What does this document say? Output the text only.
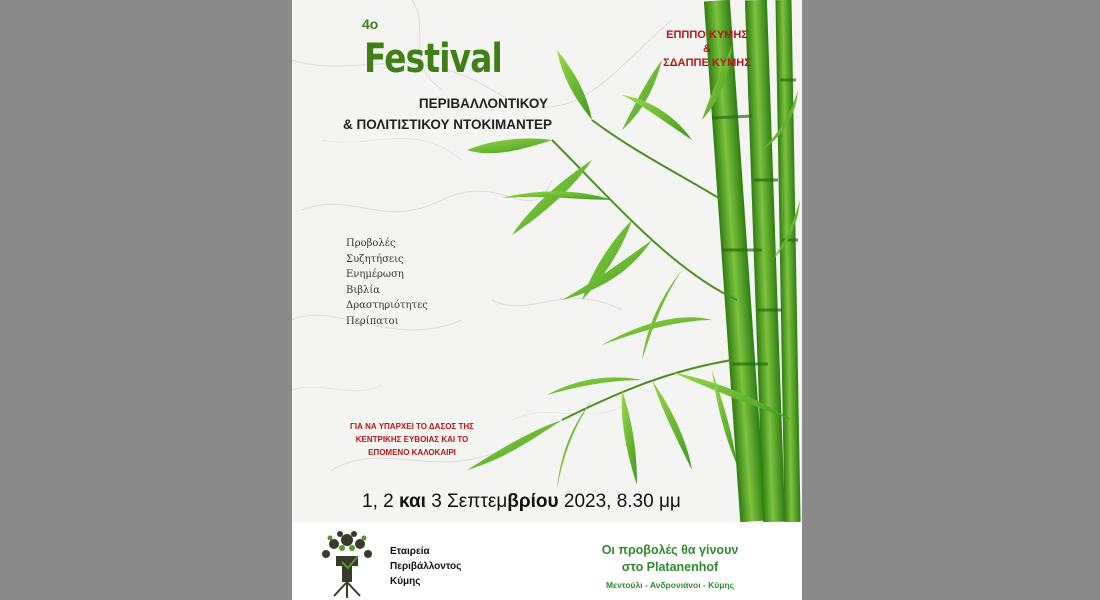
4ο
Festival
ΠΕΡΙΒΑΛΛΟΝΤΙΚΟΥ
& ΠΟΛΙΤΙΣΤΙΚΟΥ ΝΤΟΚΙΜΑΝΤΕΡ
ΕΠΠΠΟ ΚΥΜΗΣ
&
ΣΔΑΠΠΕ ΚΥΜΗΣ
Προβολές
Συζητήσεις
Ενημέρωση
Βιβλία
Δραστηριότητες
Περίπατοι
ΓΙΑ ΝΑ ΥΠΑΡΧΕΙ ΤΟ ΔΑΣΟΣ ΤΗΣ
ΚΕΝΤΡΙΚΗΣ ΕΥΒΟΙΑΣ ΚΑΙ ΤΟ
ΕΠΟΜΕΝΟ ΚΑΛΟΚΑΙΡΙ
1, 2 και 3 Σεπτεμβρίου 2023, 8.30 μμ
Εταιρεία
Περιβάλλοντος
Κύμης
Οι προβολές θα γίνουν
στο Platanenhof
Μεντούλι - Ανδρονιάνοι - Κύμης
